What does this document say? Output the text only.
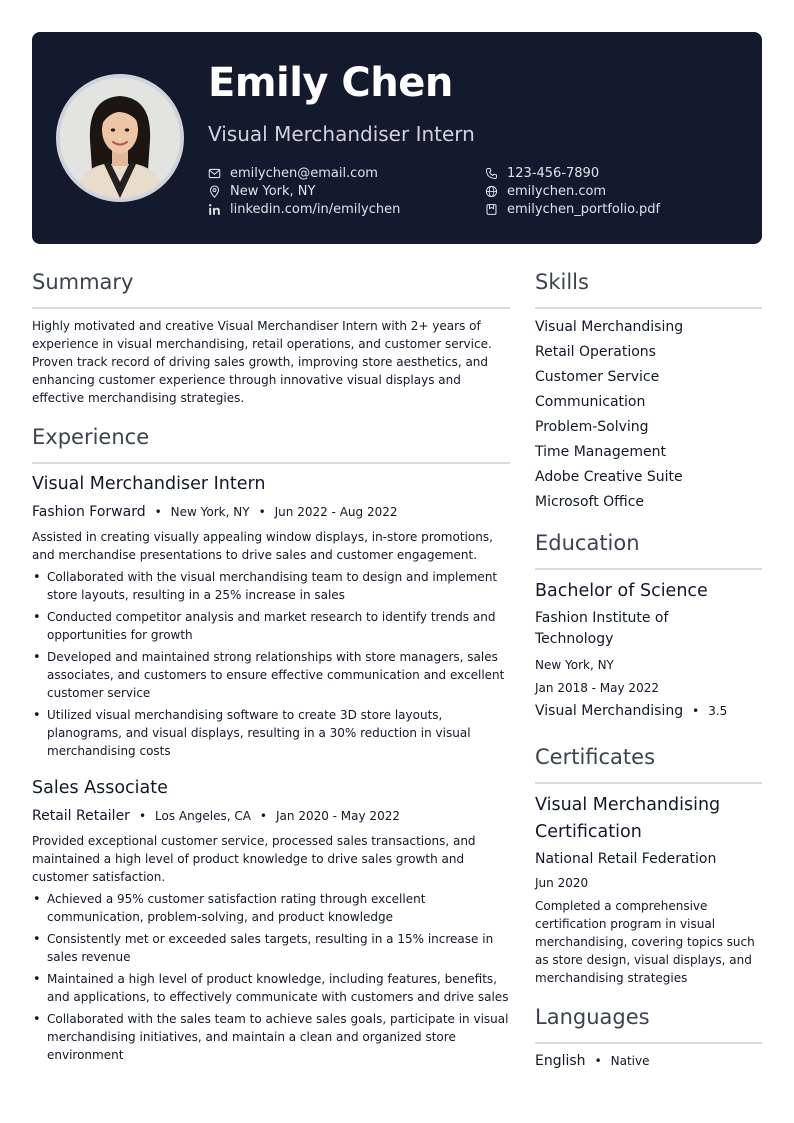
Emily Chen
Visual Merchandiser Intern
emilychen@email.com	123-456-7890
New York, NY	emilychen.com
linkedin.com/in/emilychen	emilychen_portfolio.pdf
Summary
Highly motivated and creative Visual Merchandiser Intern with 2+ years of experience in visual merchandising, retail operations, and customer service. Proven track record of driving sales growth, improving store aesthetics, and enhancing customer experience through innovative visual displays and effective merchandising strategies.
Experience
Visual Merchandiser Intern
Fashion Forward • New York, NY • Jun 2022 - Aug 2022
Assisted in creating visually appealing window displays, in-store promotions, and merchandise presentations to drive sales and customer engagement.
• Collaborated with the visual merchandising team to design and implement store layouts, resulting in a 25% increase in sales
• Conducted competitor analysis and market research to identify trends and opportunities for growth
• Developed and maintained strong relationships with store managers, sales associates, and customers to ensure effective communication and excellent customer service
• Utilized visual merchandising software to create 3D store layouts, planograms, and visual displays, resulting in a 30% reduction in visual merchandising costs
Sales Associate
Retail Retailer • Los Angeles, CA • Jan 2020 - May 2022
Provided exceptional customer service, processed sales transactions, and maintained a high level of product knowledge to drive sales growth and customer satisfaction.
• Achieved a 95% customer satisfaction rating through excellent communication, problem-solving, and product knowledge
• Consistently met or exceeded sales targets, resulting in a 15% increase in sales revenue
• Maintained a high level of product knowledge, including features, benefits, and applications, to effectively communicate with customers and drive sales
• Collaborated with the sales team to achieve sales goals, participate in visual merchandising initiatives, and maintain a clean and organized store environment
Skills
Visual Merchandising
Retail Operations
Customer Service
Communication
Problem-Solving
Time Management
Adobe Creative Suite
Microsoft Office
Education
Bachelor of Science
Fashion Institute of Technology
New York, NY
Jan 2018 - May 2022
Visual Merchandising • 3.5
Certificates
Visual Merchandising Certification
National Retail Federation
Jun 2020
Completed a comprehensive certification program in visual merchandising, covering topics such as store design, visual displays, and merchandising strategies
Languages
English • Native
